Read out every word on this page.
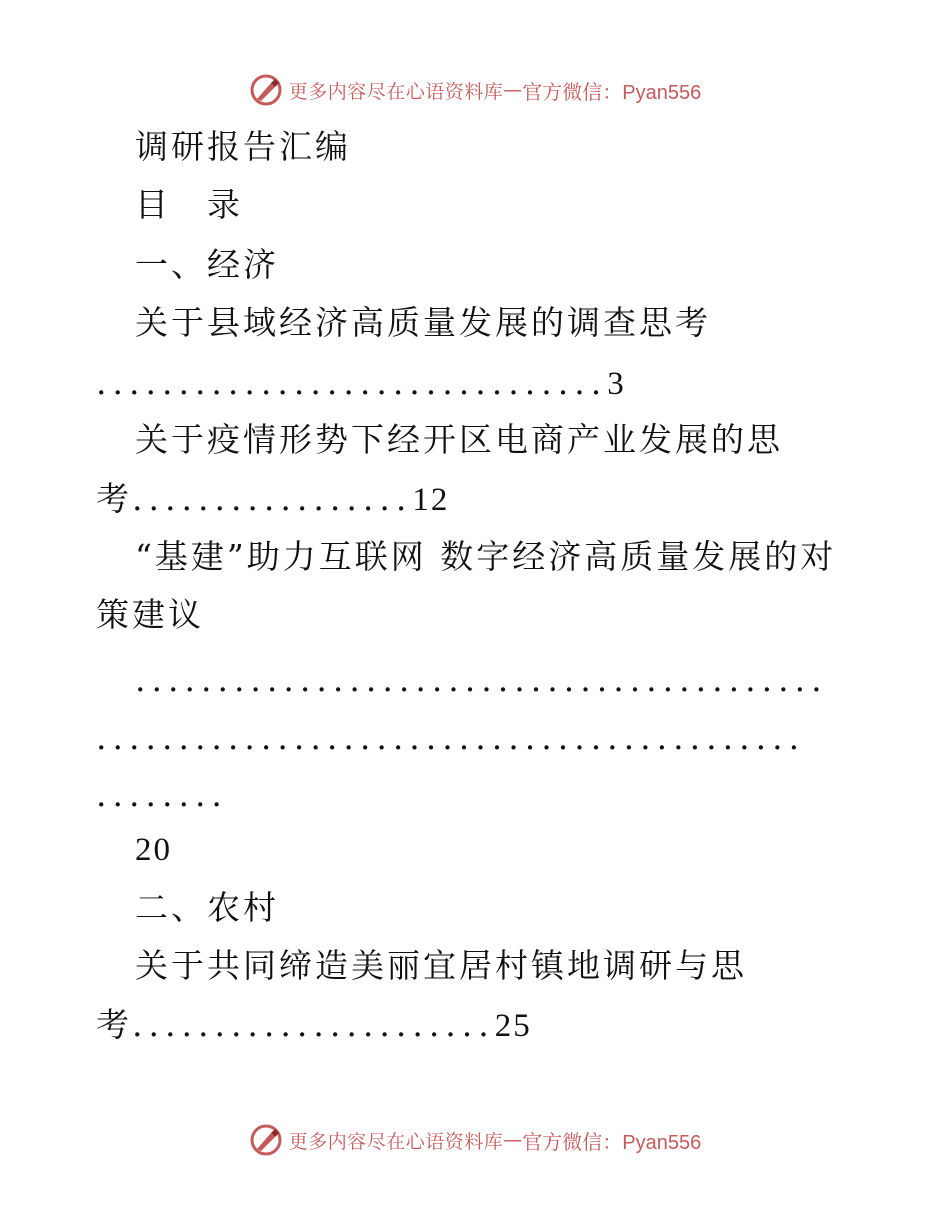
更多内容尽在心语资料库 — 官方微信：Pyan556
调研报告汇编
目　录
一、经济
关于县域经济高质量发展的调查思考
...............................3
关于疫情形势下经开区电商产业发展的思
考.................12
“基建”助力互联网 数字经济高质量发展的对
策建议
..........................................
...........................................
........
20
二、农村
关于共同缔造美丽宜居村镇地调研与思
考......................25
更多内容尽在心语资料库 — 官方微信：Pyan556
